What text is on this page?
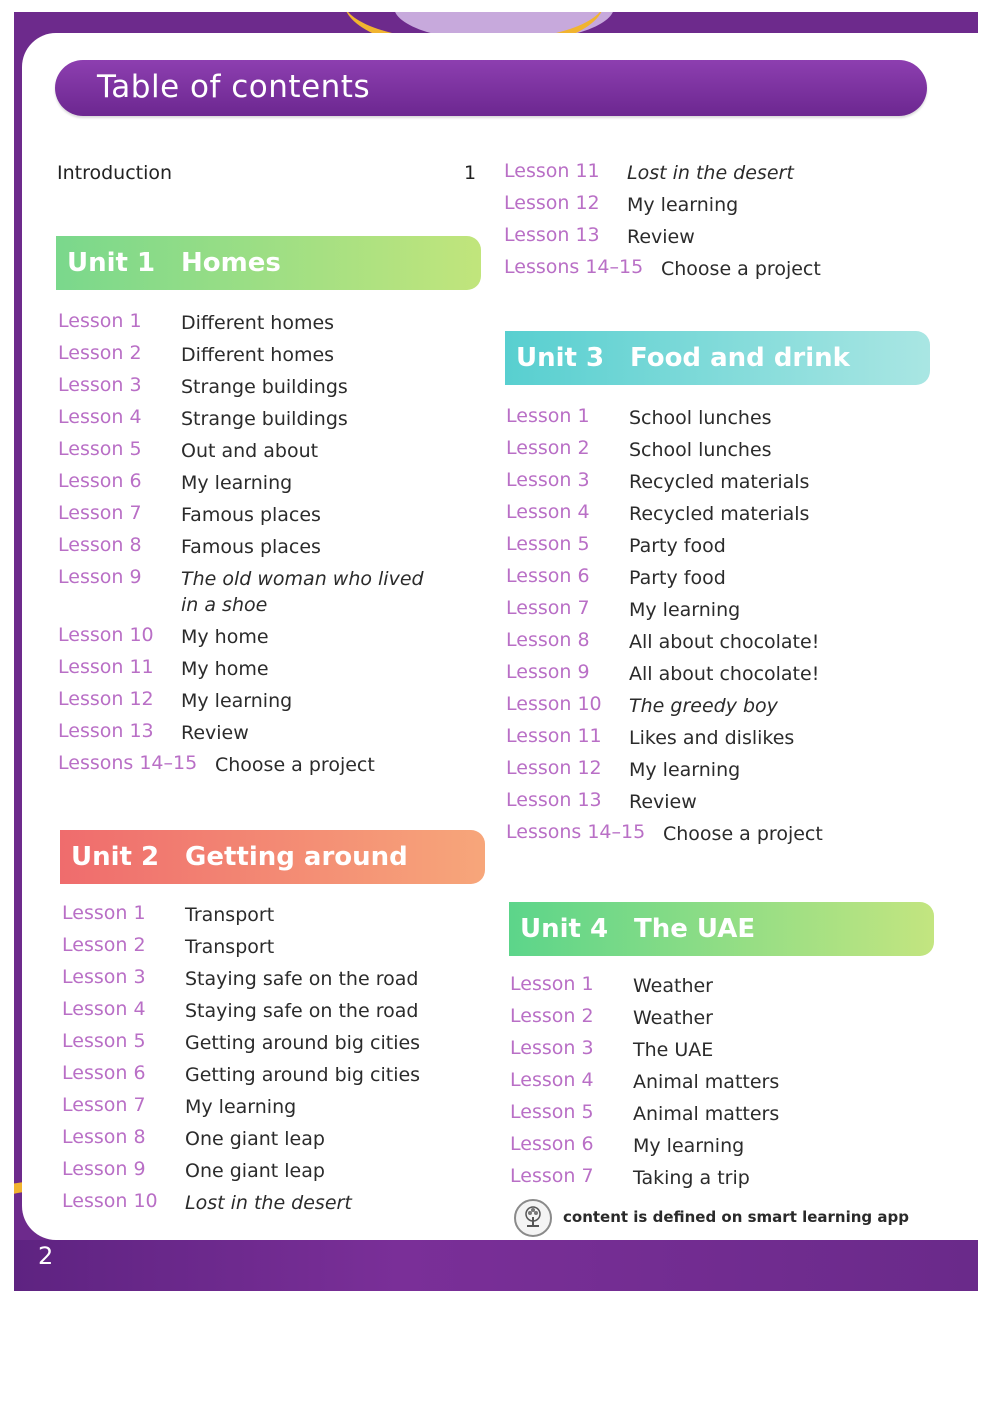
2
Table of contents
Introduction	1
Unit 1 Homes
Lesson 1 Different homes
Lesson 2 Different homes
Lesson 3 Strange buildings
Lesson 4 Strange buildings
Lesson 5 Out and about
Lesson 6 My learning
Lesson 7 Famous places
Lesson 8 Famous places
Lesson 9 The old woman who lived
in a shoe
Lesson 10 My home
Lesson 11 My home
Lesson 12 My learning
Lesson 13 Review
Lessons 14–15 Choose a project
Unit 2 Getting around
Lesson 1 Transport
Lesson 2 Transport
Lesson 3 Staying safe on the road
Lesson 4 Staying safe on the road
Lesson 5 Getting around big cities
Lesson 6 Getting around big cities
Lesson 7 My learning
Lesson 8 One giant leap
Lesson 9 One giant leap
Lesson 10 Lost in the desert
Lesson 11 Lost in the desert
Lesson 12 My learning
Lesson 13 Review
Lessons 14–15 Choose a project
Unit 3 Food and drink
Lesson 1 School lunches
Lesson 2 School lunches
Lesson 3 Recycled materials
Lesson 4 Recycled materials
Lesson 5 Party food
Lesson 6 Party food
Lesson 7 My learning
Lesson 8 All about chocolate!
Lesson 9 All about chocolate!
Lesson 10 The greedy boy
Lesson 11 Likes and dislikes
Lesson 12 My learning
Lesson 13 Review
Lessons 14–15 Choose a project
Unit 4 The UAE
Lesson 1 Weather
Lesson 2 Weather
Lesson 3 The UAE
Lesson 4 Animal matters
Lesson 5 Animal matters
Lesson 6 My learning
Lesson 7 Taking a trip
content is defined on smart learning app
